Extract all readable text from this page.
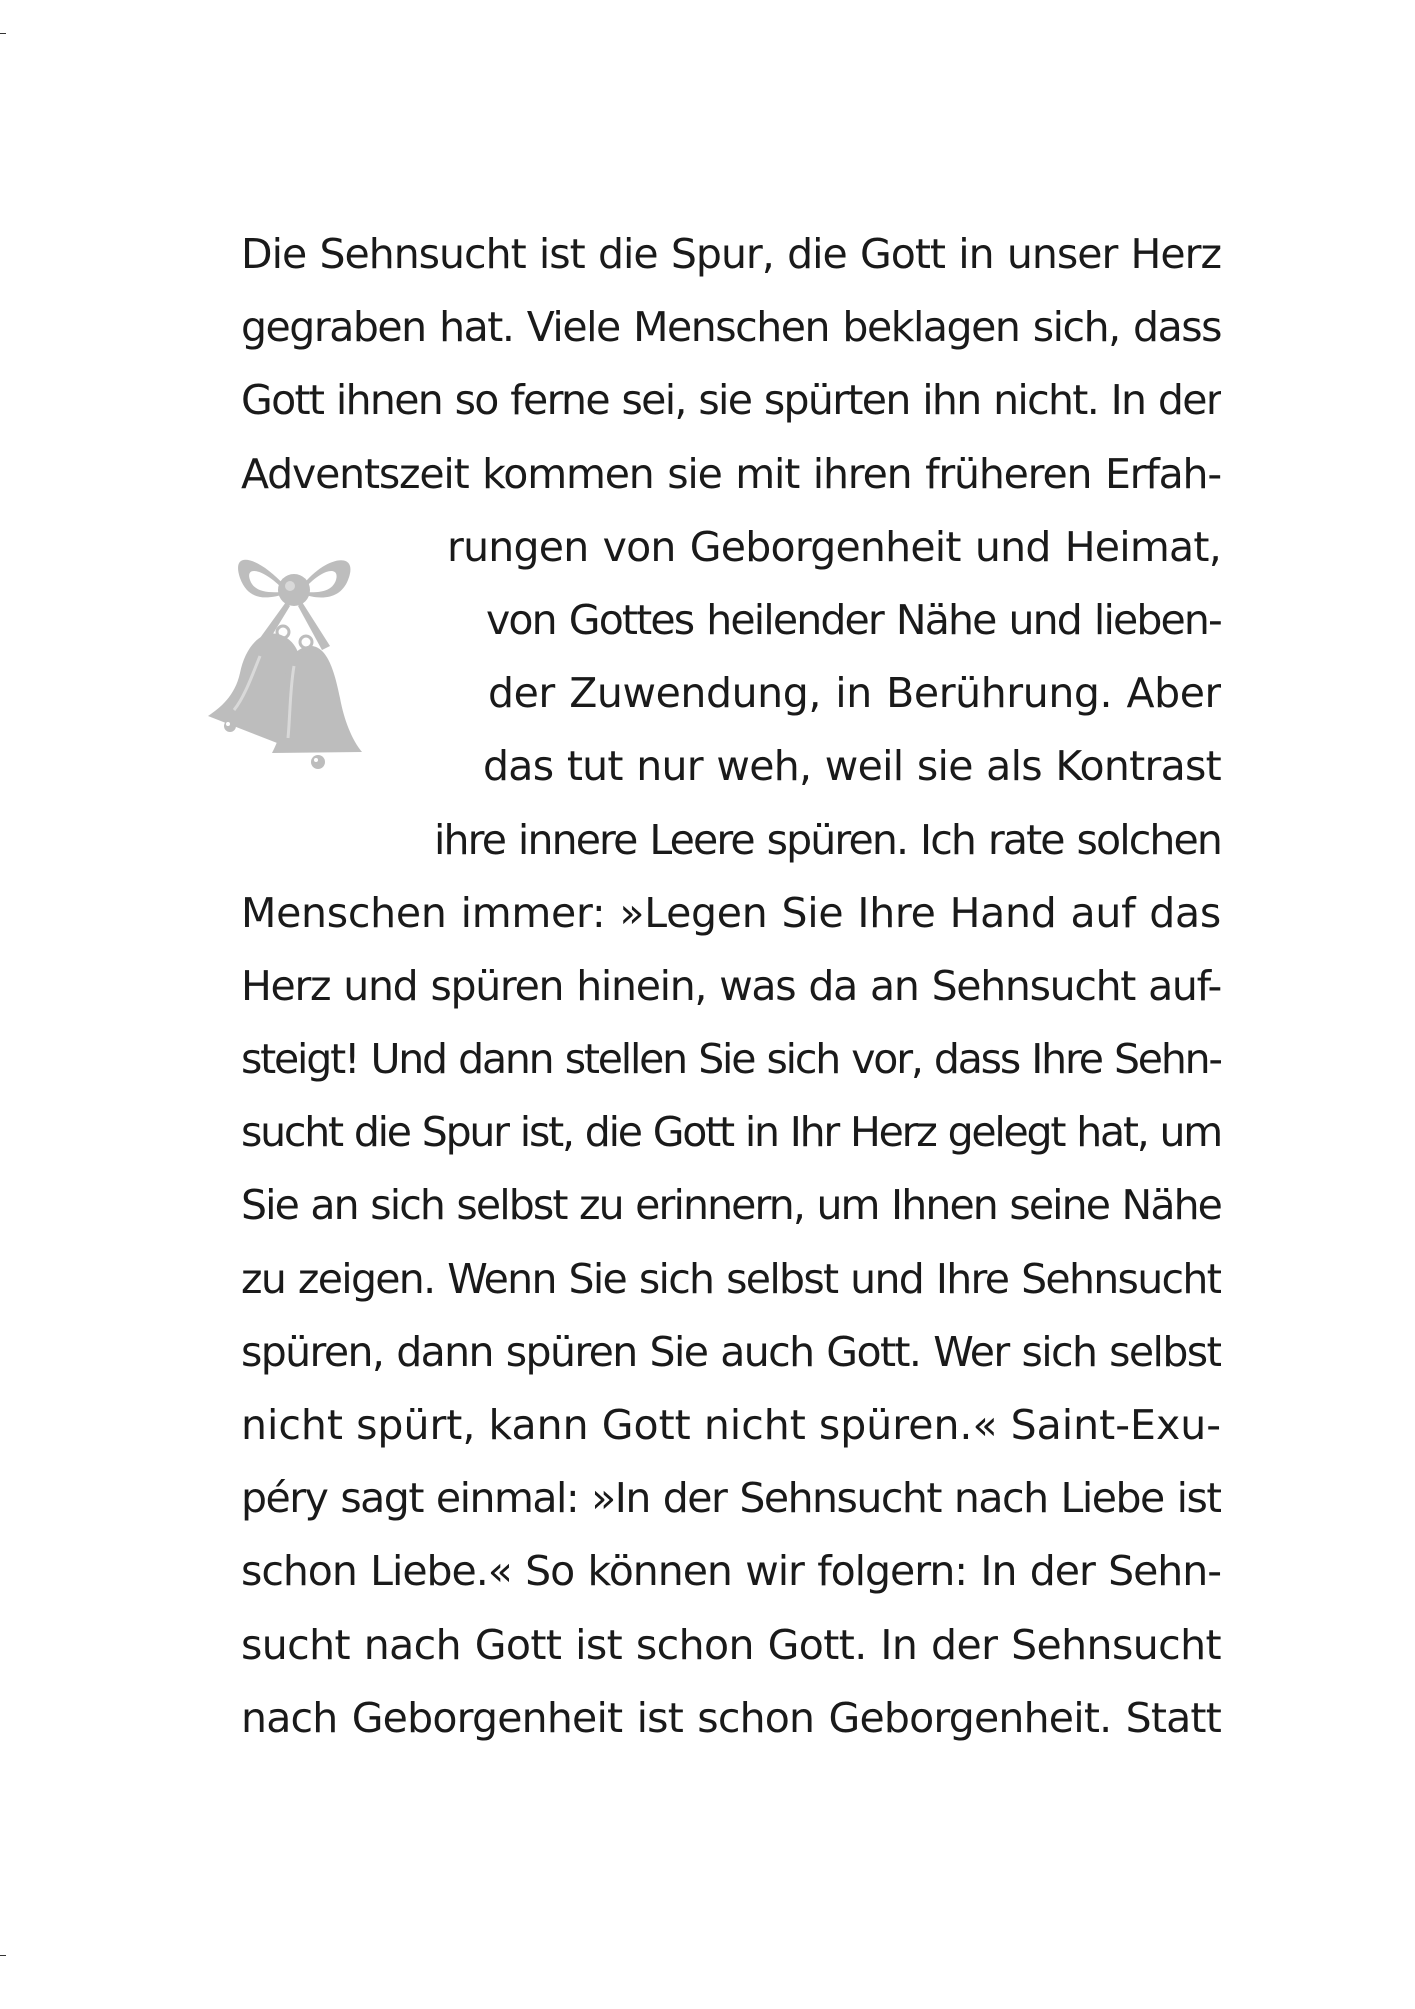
Die Sehnsucht ist die Spur, die Gott in unser Herz
gegraben hat. Viele Menschen beklagen sich, dass
Gott ihnen so ferne sei, sie spürten ihn nicht. In der
Adventszeit kommen sie mit ihren früheren Erfah-
rungen von Geborgenheit und Heimat,
von Gottes heilender Nähe und lieben-
der Zuwendung, in Berührung. Aber
das tut nur weh, weil sie als Kontrast
ihre innere Leere spüren. Ich rate solchen
Menschen immer: »Legen Sie Ihre Hand auf das
Herz und spüren hinein, was da an Sehnsucht auf-
steigt! Und dann stellen Sie sich vor, dass Ihre Sehn-
sucht die Spur ist, die Gott in Ihr Herz gelegt hat, um
Sie an sich selbst zu erinnern, um Ihnen seine Nähe
zu zeigen. Wenn Sie sich selbst und Ihre Sehnsucht
spüren, dann spüren Sie auch Gott. Wer sich selbst
nicht spürt, kann Gott nicht spüren.« Saint-Exu-
péry sagt einmal: »In der Sehnsucht nach Liebe ist
schon Liebe.« So können wir folgern: In der Sehn-
sucht nach Gott ist schon Gott. In der Sehnsucht
nach Geborgenheit ist schon Geborgenheit. Statt
